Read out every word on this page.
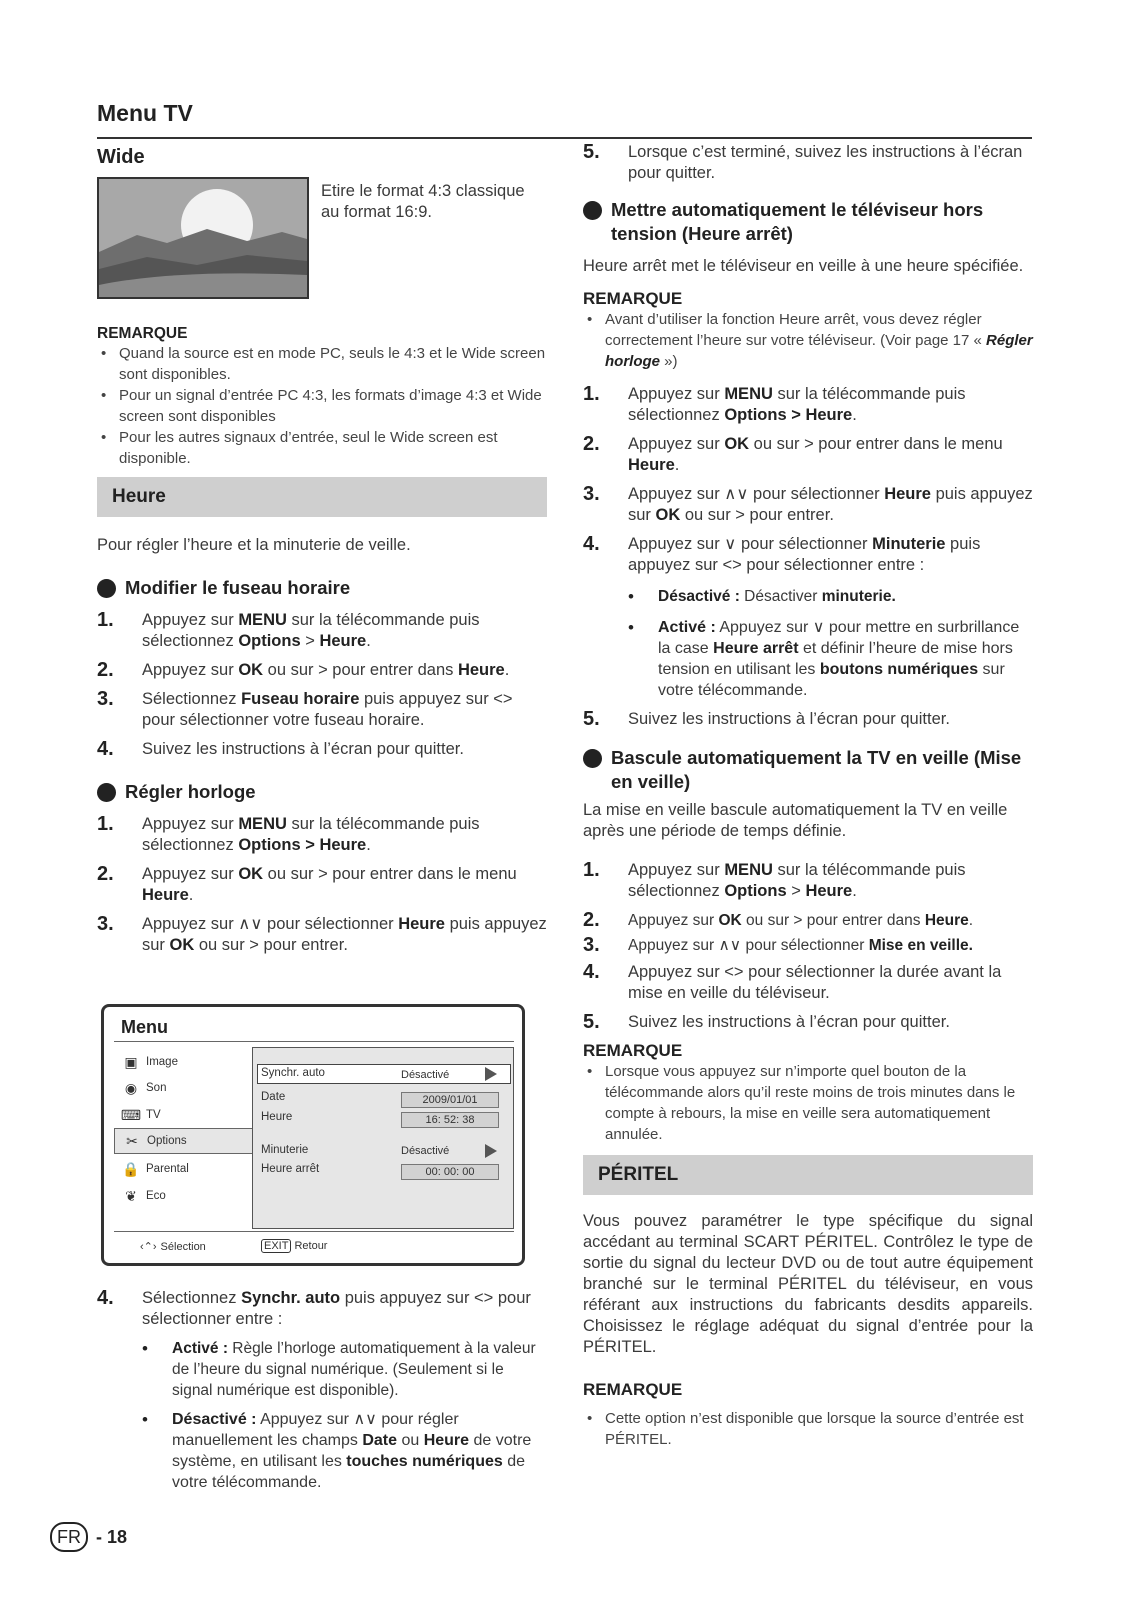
Menu TV
Wide

Etire le format 4:3 classique au format 16:9.

REMARQUE

• Quand la source est en mode PC, seuls le 4:3 et le Wide screen sont disponibles.

• Pour un signal d’entrée PC 4:3, les formats d’image 4:3 et Wide screen sont disponibles

• Pour les autres signaux d’entrée, seul le Wide screen est disponible.

Heure

Pour régler l’heure et la minuterie de veille.

Modifier le fuseau horaire

1.	Appuyez sur MENU sur la télécommande puis sélectionnez Options > Heure.
2.	Appuyez sur OK ou sur > pour entrer dans Heure.
3.	Sélectionnez Fuseau horaire puis appuyez sur <> pour sélectionner votre fuseau horaire.
4.	Suivez les instructions à l’écran pour quitter.

Régler horloge

1.	Appuyez sur MENU sur la télécommande puis sélectionnez Options > Heure.
2.	Appuyez sur OK ou sur > pour entrer dans le menu Heure.
3.	Appuyez sur ∧∨ pour sélectionner Heure puis appuyez sur OK ou sur > pour entrer.
Menu
▣ Image
◉ Son
⌨ TV
✂ Options
🔒 Parental
❦ Eco
Synchr. auto	Désactivé
Date	2009/01/01
Heure	16: 52: 38
Minuterie	Désactivé
Heure arrêt	00: 00: 00
‹⌃› Sélection	EXIT Retour
4.	Sélectionnez Synchr. auto puis appuyez sur <> pour sélectionner entre :

• Activé : Règle l’horloge automatiquement à la valeur de l’heure du signal numérique. (Seulement si le signal numérique est disponible).

• Désactivé : Appuyez sur ∧∨ pour régler manuellement les champs Date ou Heure de votre système, en utilisant les touches numériques de votre télécommande.

5.	Lorsque c’est terminé, suivez les instructions à l’écran pour quitter.

Mettre automatiquement le téléviseur hors tension (Heure arrêt)

Heure arrêt met le téléviseur en veille à une heure spécifiée.

REMARQUE

• Avant d’utiliser la fonction Heure arrêt, vous devez régler correctement l’heure sur votre téléviseur. (Voir page 17 « Régler horloge »)

1.	Appuyez sur MENU sur la télécommande puis sélectionnez Options > Heure.
2.	Appuyez sur OK ou sur > pour entrer dans le menu Heure.
3.	Appuyez sur ∧∨ pour sélectionner Heure puis appuyez sur OK ou sur > pour entrer.
4.	Appuyez sur ∨ pour sélectionner Minuterie puis appuyez sur <> pour sélectionner entre :

• Désactivé : Désactiver minuterie.

• Activé : Appuyez sur ∨ pour mettre en surbrillance la case Heure arrêt et définir l’heure de mise hors tension en utilisant les boutons numériques sur votre télécommande.

5.	Suivez les instructions à l’écran pour quitter.

Bascule automatiquement la TV en veille (Mise en veille)

La mise en veille bascule automatiquement la TV en veille après une période de temps définie.

1.	Appuyez sur MENU sur la télécommande puis sélectionnez Options > Heure.
2.	Appuyez sur OK ou sur > pour entrer dans Heure.
3.	Appuyez sur ∧∨ pour sélectionner Mise en veille.
4.	Appuyez sur <> pour sélectionner la durée avant la mise en veille du téléviseur.
5.	Suivez les instructions à l’écran pour quitter.

REMARQUE

• Lorsque vous appuyez sur n’importe quel bouton de la télécommande alors qu’il reste moins de trois minutes dans le compte à rebours, la mise en veille sera automatiquement annulée.

PÉRITEL

Vous pouvez paramétrer le type spécifique du signal accédant au terminal SCART PÉRITEL. Contrôlez le type de sortie du signal du lecteur DVD ou de tout autre équipement branché sur le terminal PÉRITEL du téléviseur, en vous référant aux instructions du fabricants desdits appareils. Choisissez le réglage adéquat du signal d’entrée pour la PÉRITEL.

REMARQUE

• Cette option n’est disponible que lorsque la source d’entrée est PÉRITEL.

FR - 18
